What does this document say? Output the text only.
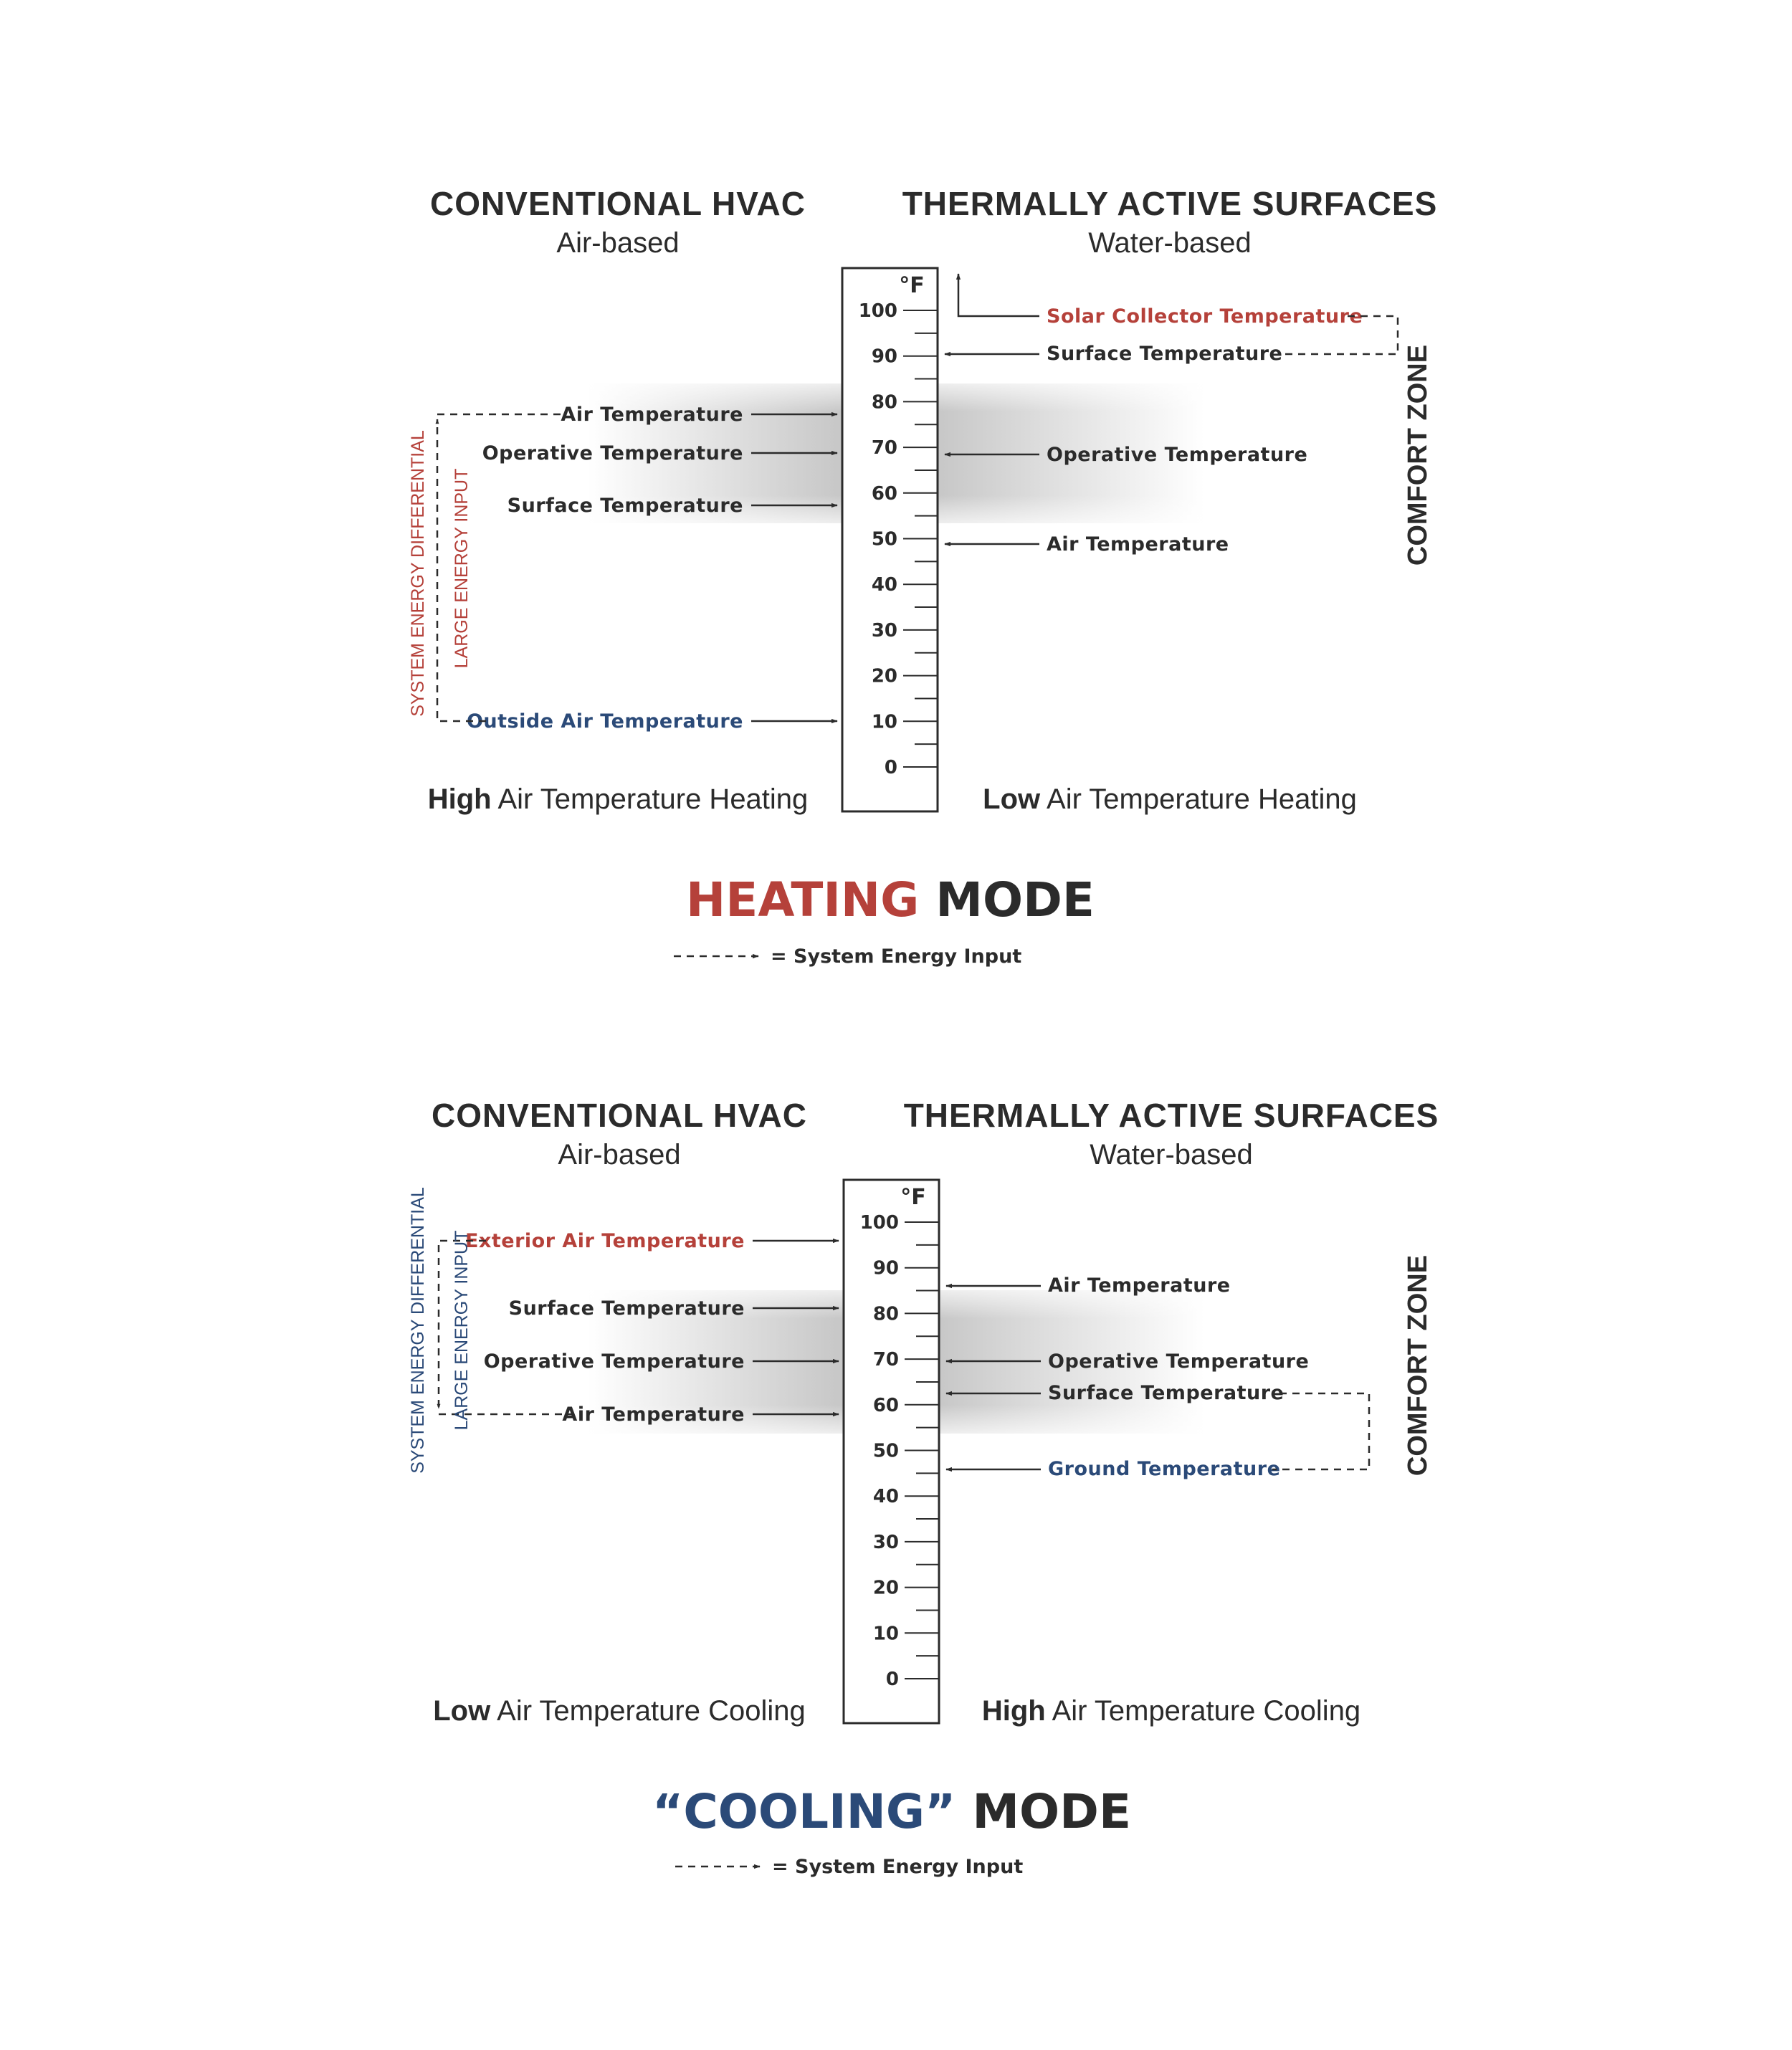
CONVENTIONAL HVAC
Air-based
THERMALLY ACTIVE SURFACES
Water-based
°F
100
90
80
70
60
50
40
30
20
10
0
Air Temperature
Operative Temperature
Surface Temperature
Outside Air Temperature
SYSTEM ENERGY DIFFERENTIAL LARGE ENERGY INPUT
Solar Collector Temperature
Surface Temperature
Operative Temperature
Air Temperature	COMFORT ZONE
High Air Temperature Heating	Low Air Temperature Heating
HEATING MODE
= System Energy Input
CONVENTIONAL HVAC
Air-based
THERMALLY ACTIVE SURFACES
Water-based
°F
100
90
80
70
60
50
40
30
20
10
0
Exterior Air Temperature
Surface Temperature
Operative Temperature
Air Temperature
SYSTEM ENERGY DIFFERENTIAL LARGE ENERGY INPUT	Air Temperature
Operative Temperature
Surface Temperature
Ground Temperature	COMFORT ZONE
Low Air Temperature Cooling	High Air Temperature Cooling
“COOLING” MODE
= System Energy Input
